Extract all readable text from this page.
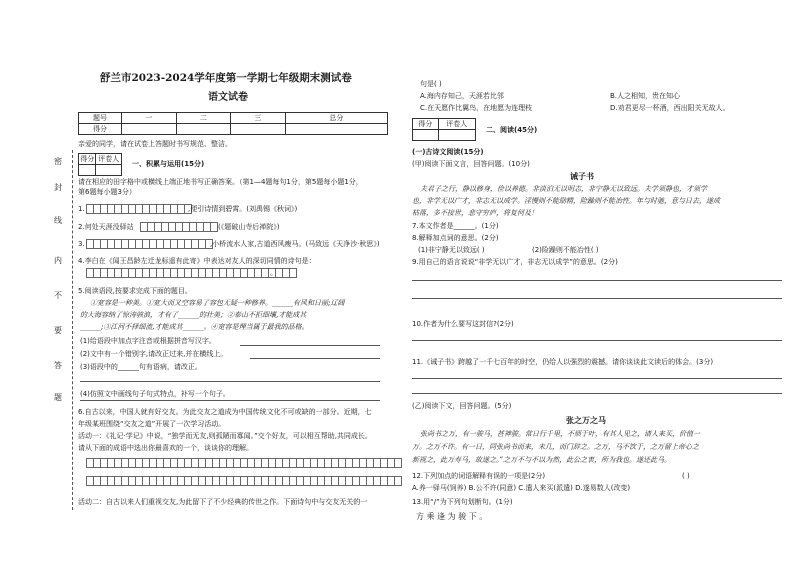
舒兰市2023-2024学年度第一学期七年级期末测试卷
语文试卷
题号	一	二	三	总分
得分				
亲爱的同学，请在试卷上答题时书写规范、整洁。
密
封
线
内
不
要
答
题
得分	评卷人

一、积累与运用(15分)
请在相应的田字格中或横线上端正地书写正确答案。（第1—4题每句1分，第5题每小题1分，
第6题每小题3分）
1.	,便引诗情到碧霄。(刘禹锡《秋词》)
2.何处天涯没驿站	(《题破山寺后禅院》)
3.	,小桥流水人家,古道西风瘦马。(马致远《天净沙·秋思》)
4.李白在《闻王昌龄左迁龙标遥有此寄》中表达对友人的深切同情的诗句是：
。
5.阅读语段,按要求完成下面的题目。
①宽容是一种美。①宽大而又空容易了容包无疑一种修养。______有风和日丽;辽阔
的大海容纳了惊涛骇浪，才有了______的壮美；②泰山不拒细壤,才能成其
______;③江河不择细流,才能成其______。④宽容是理当属于最我的品格。
(1)给语段中加点字注音或根据拼音写汉字。
(2)文中有一个错别字,请改正过来,并在横线上。
(3)语段中的______句有语病，请改正。
(4)仿照文中画线句子句式特点，补写一个句子。
6.自古以来，中国人就有好交友。为此交友之道成为中国传统文化不可或缺的一部分。近期，七
年级某班围绕“交友之道”开展了一次学习活动。
活动一：《礼记·学记》中说，“独学而无友,则孤陋而寡闻。”交个好友，可以相互帮助,共同成长。
请从下面的成语中选出你最喜欢的一个，谈谈你的理解。
活动二：自古以来人们重视交友,为此留下了不少经典的传世之作。下面诗句中与交友无关的一
句是( )
A.海内存知己，天涯若比邻	B.人之相知，贵在知心
C.在天愿作比翼鸟，在地愿为连理枝	D.劝君更尽一杯酒，西出阳关无故人。
得分	评卷人

二、阅读(45分)
(一)古诗文阅读(15分)
(甲)阅读下面文言，回答问题。(10分)
诫子书
夫君子之行，静以修身，俭以养德。非淡泊无以明志，非宁静无以致远。夫学须静也，才须学
也，非学无以广才，非志无以成学。淫慢则不能励精，险躁则不能冶性。年与时驰，意与日去，遂成
枯落，多不接世，悲守穷庐，将复何及！
7.本文作者是______。(1分)
8.解释加点词的意思。(2分)
(1)非宁静无以致远( )	(2)险躁则不能冶性( )
9.用自己的语言说说“非学无以广才，非志无以成学”的意思。(2分)
10.作者为什么要写这封信?(2分)
11.《诫子书》跨越了一千七百年的时空，仍给人以强烈的震撼。请你谈谈此文读后的体会。(3分)
(乙)阅读下文，回答问题。(5分)
张之万之马
张尚书之万，有一骏马，甚神骏。常日行千里，不烦于叶，有其人见之，请人来买，价值一
万。之万不许。有一日，同张尚书而来，未几，而门辞之。之万，马不饮于，之万留上帝心之
新视之，此万寿马，故遂之。”之万不与不以为然，此公之衷，所为我也。遂还此马。
12.下列加点的词语解释有误的一项是(2分)	( )
A.养一驿马(饲养) B.公不许(同意) C.遣人来买(派遣) D.遂易数人(改变)
13.用“/”为下列句划断句。(1分)
方 乘 逢 为 骏 下 。
